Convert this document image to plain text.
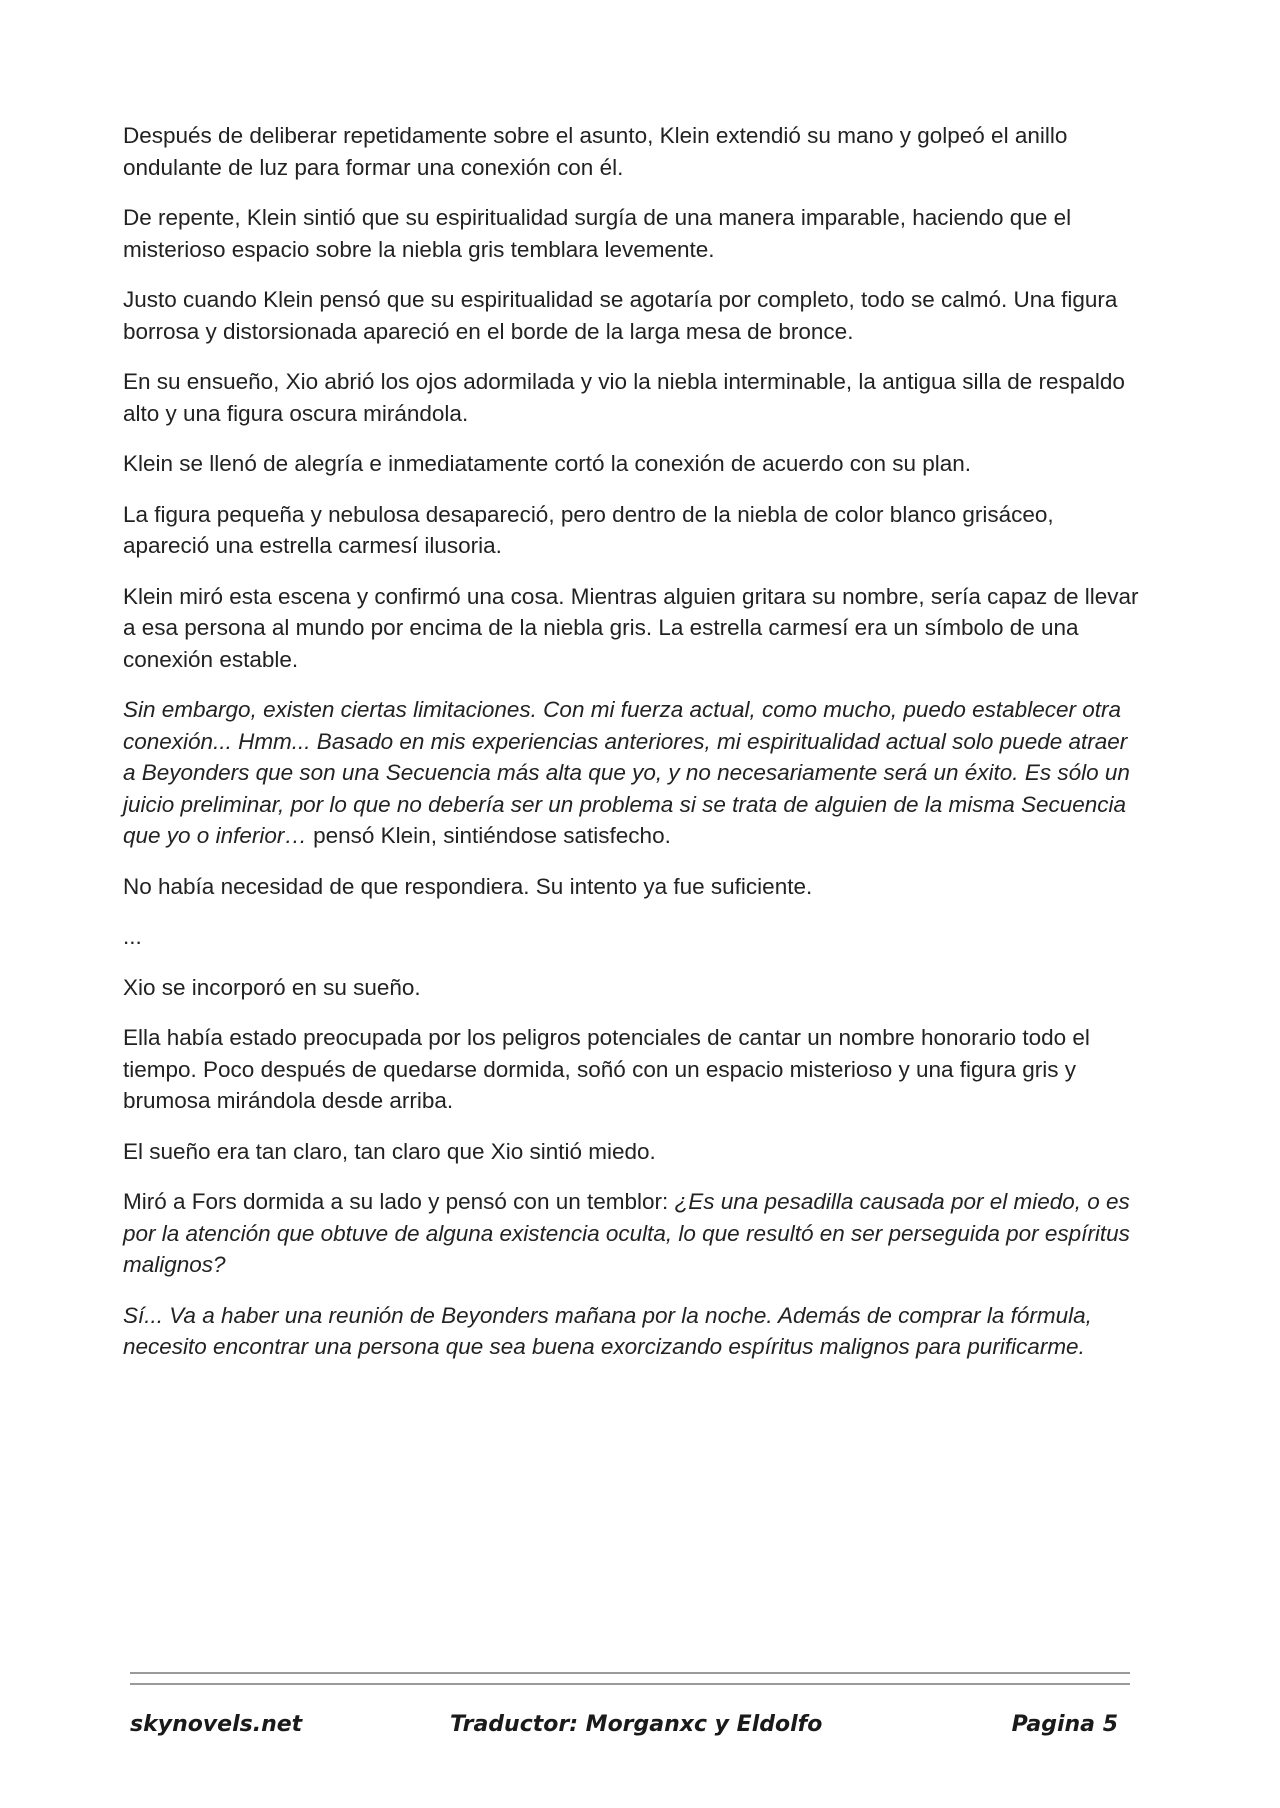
Después de deliberar repetidamente sobre el asunto, Klein extendió su mano y golpeó el anillo ondulante de luz para formar una conexión con él.

De repente, Klein sintió que su espiritualidad surgía de una manera imparable, haciendo que el misterioso espacio sobre la niebla gris temblara levemente.

Justo cuando Klein pensó que su espiritualidad se agotaría por completo, todo se calmó. Una figura borrosa y distorsionada apareció en el borde de la larga mesa de bronce.

En su ensueño, Xio abrió los ojos adormilada y vio la niebla interminable, la antigua silla de respaldo alto y una figura oscura mirándola.

Klein se llenó de alegría e inmediatamente cortó la conexión de acuerdo con su plan.

La figura pequeña y nebulosa desapareció, pero dentro de la niebla de color blanco grisáceo, apareció una estrella carmesí ilusoria.

Klein miró esta escena y confirmó una cosa. Mientras alguien gritara su nombre, sería capaz de llevar a esa persona al mundo por encima de la niebla gris. La estrella carmesí era un símbolo de una conexión estable.

Sin embargo, existen ciertas limitaciones. Con mi fuerza actual, como mucho, puedo establecer otra conexión... Hmm... Basado en mis experiencias anteriores, mi espiritualidad actual solo puede atraer a Beyonders que son una Secuencia más alta que yo, y no necesariamente será un éxito. Es sólo un juicio preliminar, por lo que no debería ser un problema si se trata de alguien de la misma Secuencia que yo o inferior… pensó Klein, sintiéndose satisfecho.

No había necesidad de que respondiera. Su intento ya fue suficiente.

...

Xio se incorporó en su sueño.

Ella había estado preocupada por los peligros potenciales de cantar un nombre honorario todo el tiempo. Poco después de quedarse dormida, soñó con un espacio misterioso y una figura gris y brumosa mirándola desde arriba.

El sueño era tan claro, tan claro que Xio sintió miedo.

Miró a Fors dormida a su lado y pensó con un temblor: ¿Es una pesadilla causada por el miedo, o es por la atención que obtuve de alguna existencia oculta, lo que resultó en ser perseguida por espíritus malignos?

Sí... Va a haber una reunión de Beyonders mañana por la noche. Además de comprar la fórmula, necesito encontrar una persona que sea buena exorcizando espíritus malignos para purificarme.

skynovels.net	Traductor: Morganxc y Eldolfo	Pagina 5
